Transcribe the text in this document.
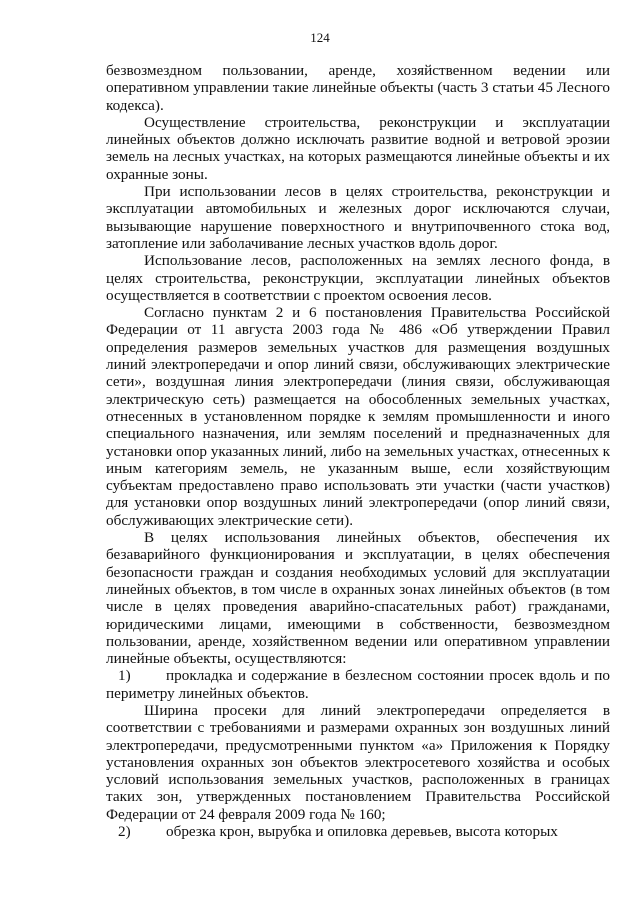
124

безвозмездном пользовании, аренде, хозяйственном ведении или оперативном управлении такие линейные объекты (часть 3 статьи 45 Лесного кодекса).

Осуществление строительства, реконструкции и эксплуатации линейных объектов должно исключать развитие водной и ветровой эрозии земель на лесных участках, на которых размещаются линейные объекты и их охранные зоны.

При использовании лесов в целях строительства, реконструкции и эксплуатации автомобильных и железных дорог исключаются случаи, вызывающие нарушение поверхностного и внутрипочвенного стока вод, затопление или заболачивание лесных участков вдоль дорог.

Использование лесов, расположенных на землях лесного фонда, в целях строительства, реконструкции, эксплуатации линейных объектов осуществляется в соответствии с проектом освоения лесов.

Согласно пунктам 2 и 6 постановления Правительства Российской Федерации от 11 августа 2003 года № 486 «Об утверждении Правил определения размеров земельных участков для размещения воздушных линий электропередачи и опор линий связи, обслуживающих электрические сети», воздушная линия электропередачи (линия связи, обслуживающая электрическую сеть) размещается на обособленных земельных участках, отнесенных в установленном порядке к землям промышленности и иного специального назначения, или землям поселений и предназначенных для установки опор указанных линий, либо на земельных участках, отнесенных к иным категориям земель, не указанным выше, если хозяйствующим субъектам предоставлено право использовать эти участки (части участков) для установки опор воздушных линий электропередачи (опор линий связи, обслуживающих электрические сети).

В целях использования линейных объектов, обеспечения их безаварийного функционирования и эксплуатации, в целях обеспечения безопасности граждан и создания необходимых условий для эксплуатации линейных объектов, в том числе в охранных зонах линейных объектов (в том числе в целях проведения аварийно-спасательных работ) гражданами, юридическими лицами, имеющими в собственности, безвозмездном пользовании, аренде, хозяйственном ведении или оперативном управлении линейные объекты, осуществляются:

1) прокладка и содержание в безлесном состоянии просек вдоль и по периметру линейных объектов.

Ширина просеки для линий электропередачи определяется в соответствии с требованиями и размерами охранных зон воздушных линий электропередачи, предусмотренными пунктом «а» Приложения к Порядку установления охранных зон объектов электросетевого хозяйства и особых условий использования земельных участков, расположенных в границах таких зон, утвержденных постановлением Правительства Российской Федерации от 24 февраля 2009 года № 160;

2) обрезка крон, вырубка и опиловка деревьев, высота которых
